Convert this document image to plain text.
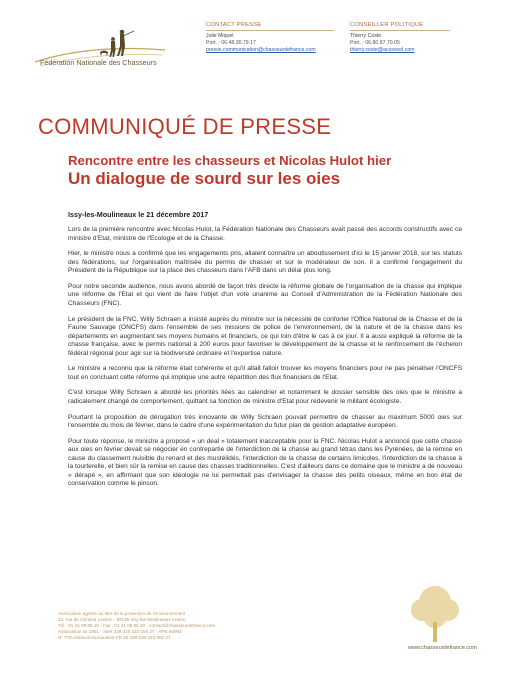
Fédération Nationale des Chasseurs
CONTACT PRESSE
Julie Miquel
Port. : 06.48.30.79.17
presse.communication@chasseurdefrance.com
CONSEILLER POLITIQUE
Thierry Coste
Port. : 06.80.87.70.05
thierry.coste@accesvol.com
COMMUNIQUÉ DE PRESSE
Rencontre entre les chasseurs et Nicolas Hulot hier
Un dialogue de sourd sur les oies
Issy-les-Moulineaux le 21 décembre 2017

Lors de la première rencontre avec Nicolas Hulot, la Fédération Nationale des Chasseurs avait passé des accords constructifs avec ce ministre d'Etat, ministre de l'Ecologie et de la Chasse.

Hier, le ministre nous a confirmé que les engagements pris, allaient connaître un aboutissement d'ici le 15 janvier 2018, sur les statuts des fédérations, sur l'organisation maîtrisée du permis de chasser et sur le modérateur de son. Il a confirmé l'engagement du Président de la République sur la place des chasseurs dans l'AFB dans un délai plus long.

Pour notre seconde audience, nous avons abordé de façon très directe la réforme globale de l'organisation de la chasse qui implique une réforme de l'Etat et qui vient de faire l'objet d'un vote unanime au Conseil d'Administration de la Fédération Nationale des Chasseurs (FNC).

Le président de la FNC, Willy Schraen a insisté auprès du ministre sur la nécessité de conforter l'Office National de la Chasse et de la Faune Sauvage (ONCFS) dans l'ensemble de ses missions de police de l'environnement, de la nature et de la chasse dans les départements en augmentant ses moyens humains et financiers, ce qui loin d'être le cas à ce jour. Il a aussi expliqué la réforme de la chasse française, avec le permis national à 200 euros pour favoriser le développement de la chasse et le renforcement de l'échelon fédéral régional pour agir sur la biodiversité ordinaire et l'expertise nature.

Le ministre a reconnu que la réforme était cohérente et qu'il allait falloir trouver les moyens financiers pour ne pas pénaliser l'ONCFS tout en concluant cette réforme qui implique une autre répartition des flux financiers de l'Etat.

C'est lorsque Willy Schraen a abordé les priorités liées au calendrier et notamment le dossier sensible des oies que le ministre a radicalement changé de comportement, quittant sa fonction de ministre d'Etat pour redevenir le militant écologiste.

Pourtant la proposition de dérogation très innovante de Willy Schraen pouvait permettre de chasser au maximum 5000 oies sur l'ensemble du mois de février, dans le cadre d'une expérimentation du futur plan de gestion adaptative européen.

Pour toute réponse, le ministre a proposé « un deal » totalement inacceptable pour la FNC. Nicolas Hulot a annoncé que cette chasse aux oies en février devait se négocier en contrepartie de l'interdiction de la chasse au grand tétras dans les Pyrénées, de la remise en cause du classement nuisible du renard et des mustélidés, l'interdiction de la chasse de certains limicoles, l'interdiction de la chasse à la tourterelle, et bien sûr la remise en cause des chasses traditionnelles. C'est d'ailleurs dans ce domaine que le ministre a de nouveau « dérapé », en affirmant que son idéologie ne lui permettait pas d'envisager la chasse des petits oiseaux, même en bon état de conservation comme le pinson.

Association agréée au titre de la protection de l'environnement
13, rue du Général Leclerc - 92136 Issy les Moulineaux Cedex
Tél : 01 41 09 65 10 - Fax : 01 41 09 65 20 - contact@chasseurdefrance.com
Association loi 1901 - Siret 439 220 153 000 27 - APE 9499Z
N° TVA intracommunautaire FR 55 439 220 153 000 27
www.chasseurdefrance.com
